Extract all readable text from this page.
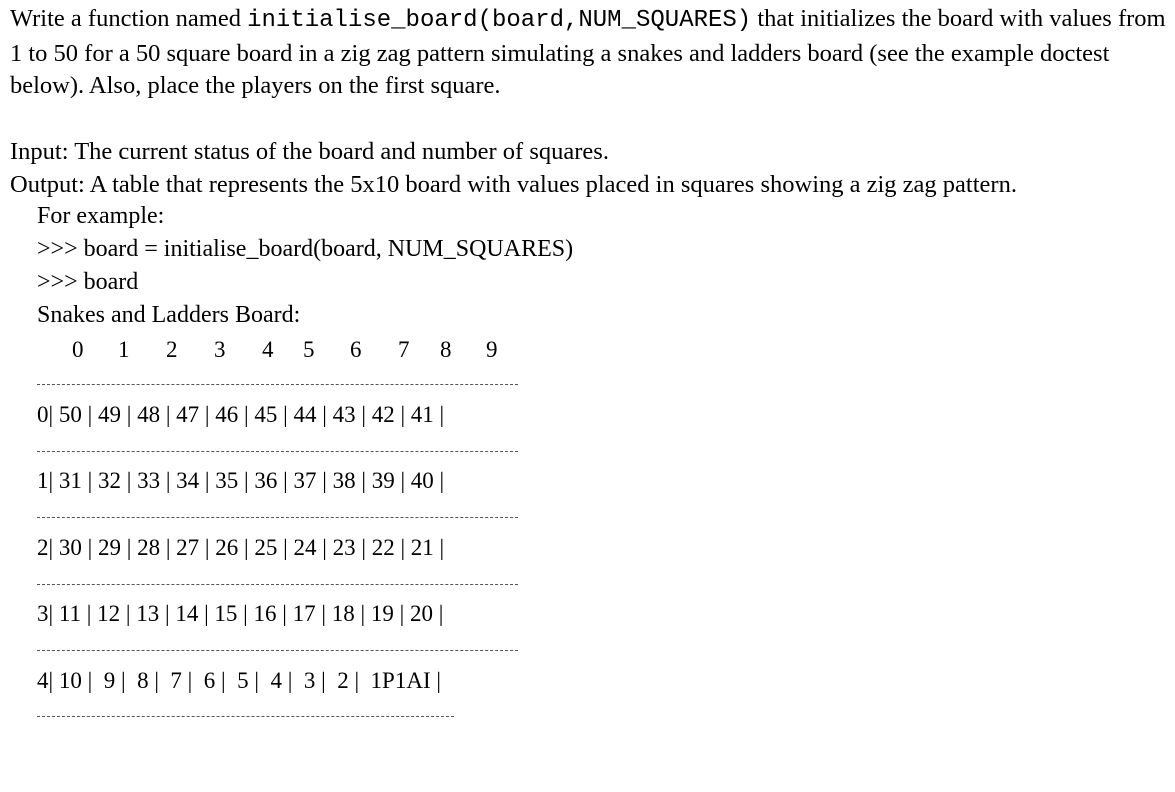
Write a function named initialise_board(board,NUM_SQUARES) that initializes the board with values from 1 to 50 for a 50 square board in a zig zag pattern simulating a snakes and ladders board (see the example doctest below). Also, place the players on the first square.

Input: The current status of the board and number of squares.
Output: A table that represents the 5x10 board with values placed in squares showing a zig zag pattern.
For example:
>>> board = initialise_board(board, NUM_SQUARES)
>>> board
Snakes and Ladders Board:
0 1 2 3 4 5 6 7 8 9
0| 50 | 49 | 48 | 47 | 46 | 45 | 44 | 43 | 42 | 41 |
1| 31 | 32 | 33 | 34 | 35 | 36 | 37 | 38 | 39 | 40 |
2| 30 | 29 | 28 | 27 | 26 | 25 | 24 | 23 | 22 | 21 |
3| 11 | 12 | 13 | 14 | 15 | 16 | 17 | 18 | 19 | 20 |
4| 10 |  9 |  8 |  7 |  6 |  5 |  4 |  3 |  2 |  1P1AI |
